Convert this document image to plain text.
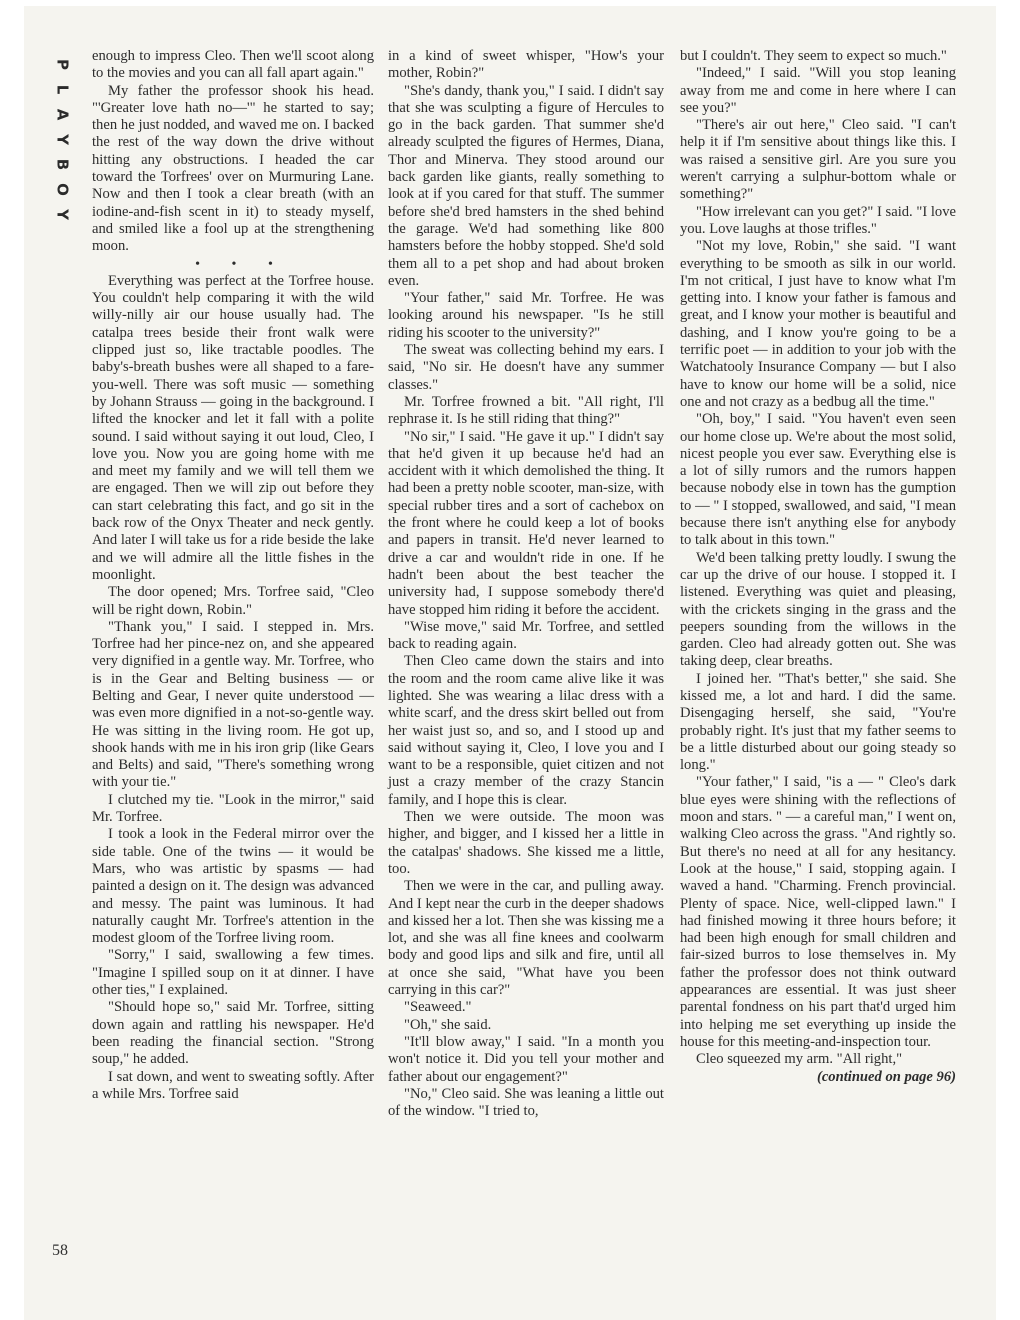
P
L
A
Y
B
O
Y
58

enough to impress Cleo. Then we'll scoot along to the movies and you can all fall apart again."

My father the professor shook his head. "'Greater love hath no—'" he started to say; then he just nodded, and waved me on. I backed the rest of the way down the drive without hitting any obstructions. I headed the car toward the Torfrees' over on Murmuring Lane. Now and then I took a clear breath (with an iodine-and-fish scent in it) to steady myself, and smiled like a fool up at the strengthening moon.

• • •

Everything was perfect at the Torfree house. You couldn't help comparing it with the wild willy-nilly air our house usually had. The catalpa trees beside their front walk were clipped just so, like tractable poodles. The baby's-breath bushes were all shaped to a fare-you-well. There was soft music — something by Johann Strauss — going in the background. I lifted the knocker and let it fall with a polite sound. I said without saying it out loud, Cleo, I love you. Now you are going home with me and meet my family and we will tell them we are engaged. Then we will zip out before they can start celebrating this fact, and go sit in the back row of the Onyx Theater and neck gently. And later I will take us for a ride beside the lake and we will admire all the little fishes in the moonlight.

The door opened; Mrs. Torfree said, "Cleo will be right down, Robin."

"Thank you," I said. I stepped in. Mrs. Torfree had her pince-nez on, and she appeared very dignified in a gentle way. Mr. Torfree, who is in the Gear and Belting business — or Belting and Gear, I never quite understood — was even more dignified in a not-so-gentle way. He was sitting in the living room. He got up, shook hands with me in his iron grip (like Gears and Belts) and said, "There's something wrong with your tie."

I clutched my tie. "Look in the mirror," said Mr. Torfree.

I took a look in the Federal mirror over the side table. One of the twins — it would be Mars, who was artistic by spasms — had painted a design on it. The design was advanced and messy. The paint was luminous. It had naturally caught Mr. Torfree's attention in the modest gloom of the Torfree living room.

"Sorry," I said, swallowing a few times. "Imagine I spilled soup on it at dinner. I have other ties," I explained.

"Should hope so," said Mr. Torfree, sitting down again and rattling his newspaper. He'd been reading the financial section. "Strong soup," he added.

I sat down, and went to sweating softly. After a while Mrs. Torfree said

in a kind of sweet whisper, "How's your mother, Robin?"

"She's dandy, thank you," I said. I didn't say that she was sculpting a figure of Hercules to go in the back garden. That summer she'd already sculpted the figures of Hermes, Diana, Thor and Minerva. They stood around our back garden like giants, really something to look at if you cared for that stuff. The summer before she'd bred hamsters in the shed behind the garage. We'd had something like 800 hamsters before the hobby stopped. She'd sold them all to a pet shop and had about broken even.

"Your father," said Mr. Torfree. He was looking around his newspaper. "Is he still riding his scooter to the university?"

The sweat was collecting behind my ears. I said, "No sir. He doesn't have any summer classes."

Mr. Torfree frowned a bit. "All right, I'll rephrase it. Is he still riding that thing?"

"No sir," I said. "He gave it up." I didn't say that he'd given it up because he'd had an accident with it which demolished the thing. It had been a pretty noble scooter, man-size, with special rubber tires and a sort of cachebox on the front where he could keep a lot of books and papers in transit. He'd never learned to drive a car and wouldn't ride in one. If he hadn't been about the best teacher the university had, I suppose somebody there'd have stopped him riding it before the accident.

"Wise move," said Mr. Torfree, and settled back to reading again.

Then Cleo came down the stairs and into the room and the room came alive like it was lighted. She was wearing a lilac dress with a white scarf, and the dress skirt belled out from her waist just so, and so, and I stood up and said without saying it, Cleo, I love you and I want to be a responsible, quiet citizen and not just a crazy member of the crazy Stancin family, and I hope this is clear.

Then we were outside. The moon was higher, and bigger, and I kissed her a little in the catalpas' shadows. She kissed me a little, too.

Then we were in the car, and pulling away. And I kept near the curb in the deeper shadows and kissed her a lot. Then she was kissing me a lot, and she was all fine knees and coolwarm body and good lips and silk and fire, until all at once she said, "What have you been carrying in this car?"

"Seaweed."

"Oh," she said.

"It'll blow away," I said. "In a month you won't notice it. Did you tell your mother and father about our engagement?"

"No," Cleo said. She was leaning a little out of the window. "I tried to,

but I couldn't. They seem to expect so much."

"Indeed," I said. "Will you stop leaning away from me and come in here where I can see you?"

"There's air out here," Cleo said. "I can't help it if I'm sensitive about things like this. I was raised a sensitive girl. Are you sure you weren't carrying a sulphur-bottom whale or something?"

"How irrelevant can you get?" I said. "I love you. Love laughs at those trifles."

"Not my love, Robin," she said. "I want everything to be smooth as silk in our world. I'm not critical, I just have to know what I'm getting into. I know your father is famous and great, and I know your mother is beautiful and dashing, and I know you're going to be a terrific poet — in addition to your job with the Watchatooly Insurance Company — but I also have to know our home will be a solid, nice one and not crazy as a bedbug all the time."

"Oh, boy," I said. "You haven't even seen our home close up. We're about the most solid, nicest people you ever saw. Everything else is a lot of silly rumors and the rumors happen because nobody else in town has the gumption to — " I stopped, swallowed, and said, "I mean because there isn't anything else for anybody to talk about in this town."

We'd been talking pretty loudly. I swung the car up the drive of our house. I stopped it. I listened. Everything was quiet and pleasing, with the crickets singing in the grass and the peepers sounding from the willows in the garden. Cleo had already gotten out. She was taking deep, clear breaths.

I joined her. "That's better," she said. She kissed me, a lot and hard. I did the same. Disengaging herself, she said, "You're probably right. It's just that my father seems to be a little disturbed about our going steady so long."

"Your father," I said, "is a — " Cleo's dark blue eyes were shining with the reflections of moon and stars. " — a careful man," I went on, walking Cleo across the grass. "And rightly so. But there's no need at all for any hesitancy. Look at the house," I said, stopping again. I waved a hand. "Charming. French provincial. Plenty of space. Nice, well-clipped lawn." I had finished mowing it three hours before; it had been high enough for small children and fair-sized burros to lose themselves in. My father the professor does not think outward appearances are essential. It was just sheer parental fondness on his part that'd urged him into helping me set everything up inside the house for this meeting-and-inspection tour.

Cleo squeezed my arm. "All right,"

(continued on page 96)
